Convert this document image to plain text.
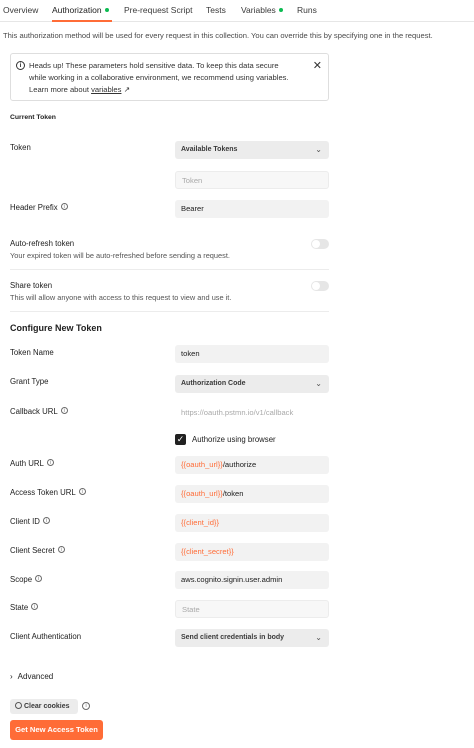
Overview Authorization	Pre-request Script Tests Variables	Runs
This authorization method will be used for every request in this collection. You can override this by specifying one in the request.
i	Heads up! These parameters hold sensitive data. To keep this data secure
while working in a collaborative environment, we recommend using variables.
Learn more about variables ↗
✕
Current Token
Token	Available Tokens	⌄
Token
Header Prefix i	Bearer
Auto-refresh token
Your expired token will be auto-refreshed before sending a request.
Share token
This will allow anyone with access to this request to view and use it.
Configure New Token
Token Name	token
Grant Type	Authorization Code	⌄
Callback URL i	https://oauth.pstmn.io/v1/callback
✓ Authorize using browser
Auth URL i	{{oauth_url}}/authorize
Access Token URL i	{{oauth_url}}/token
Client ID i	{{client_id}}
Client Secret i	{{client_secret}}
Scope i	aws.cognito.signin.user.admin
State i	State
Client Authentication	Send client credentials in body	⌄
› Advanced
Clear cookies	i
Get New Access Token
